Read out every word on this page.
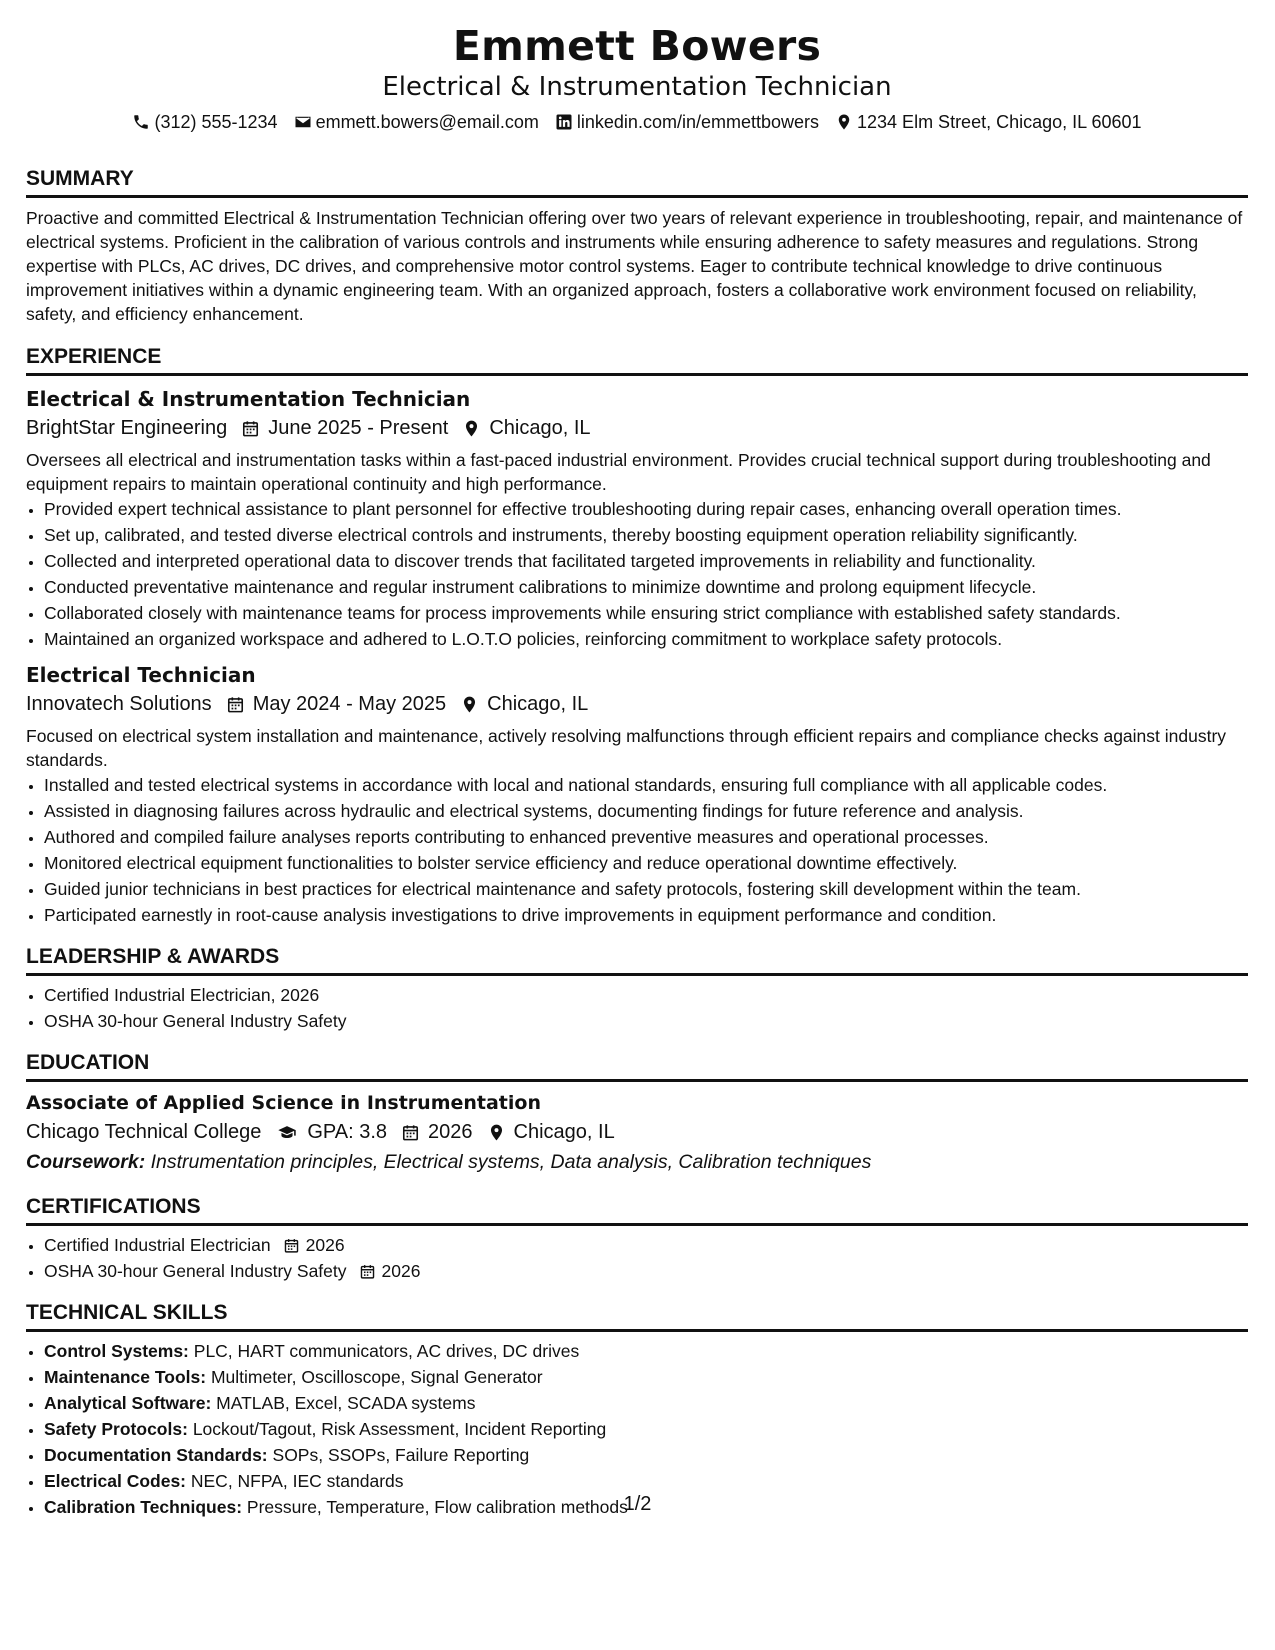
Emmett Bowers
Electrical & Instrumentation Technician
(312) 555-1234 emmett.bowers@email.com linkedin.com/in/emmettbowers 1234 Elm Street, Chicago, IL 60601
SUMMARY
Proactive and committed Electrical & Instrumentation Technician offering over two years of relevant experience in troubleshooting, repair, and maintenance of electrical systems. Proficient in the calibration of various controls and instruments while ensuring adherence to safety measures and regulations. Strong expertise with PLCs, AC drives, DC drives, and comprehensive motor control systems. Eager to contribute technical knowledge to drive continuous improvement initiatives within a dynamic engineering team. With an organized approach, fosters a collaborative work environment focused on reliability, safety, and efficiency enhancement.
EXPERIENCE
Electrical & Instrumentation Technician
BrightStar Engineering June 2025 - Present Chicago, IL
Oversees all electrical and instrumentation tasks within a fast-paced industrial environment. Provides crucial technical support during troubleshooting and equipment repairs to maintain operational continuity and high performance.
• Provided expert technical assistance to plant personnel for effective troubleshooting during repair cases, enhancing overall operation times.
• Set up, calibrated, and tested diverse electrical controls and instruments, thereby boosting equipment operation reliability significantly.
• Collected and interpreted operational data to discover trends that facilitated targeted improvements in reliability and functionality.
• Conducted preventative maintenance and regular instrument calibrations to minimize downtime and prolong equipment lifecycle.
• Collaborated closely with maintenance teams for process improvements while ensuring strict compliance with established safety standards.
• Maintained an organized workspace and adhered to L.O.T.O policies, reinforcing commitment to workplace safety protocols.
Electrical Technician
Innovatech Solutions May 2024 - May 2025 Chicago, IL
Focused on electrical system installation and maintenance, actively resolving malfunctions through efficient repairs and compliance checks against industry standards.
• Installed and tested electrical systems in accordance with local and national standards, ensuring full compliance with all applicable codes.
• Assisted in diagnosing failures across hydraulic and electrical systems, documenting findings for future reference and analysis.
• Authored and compiled failure analyses reports contributing to enhanced preventive measures and operational processes.
• Monitored electrical equipment functionalities to bolster service efficiency and reduce operational downtime effectively.
• Guided junior technicians in best practices for electrical maintenance and safety protocols, fostering skill development within the team.
• Participated earnestly in root-cause analysis investigations to drive improvements in equipment performance and condition.
LEADERSHIP & AWARDS
• Certified Industrial Electrician, 2026
• OSHA 30-hour General Industry Safety
EDUCATION
Associate of Applied Science in Instrumentation
Chicago Technical College GPA: 3.8 2026 Chicago, IL
Coursework: Instrumentation principles, Electrical systems, Data analysis, Calibration techniques
CERTIFICATIONS
• Certified Industrial Electrician 2026
• OSHA 30-hour General Industry Safety 2026
TECHNICAL SKILLS
• Control Systems: PLC, HART communicators, AC drives, DC drives
• Maintenance Tools: Multimeter, Oscilloscope, Signal Generator
• Analytical Software: MATLAB, Excel, SCADA systems
• Safety Protocols: Lockout/Tagout, Risk Assessment, Incident Reporting
• Documentation Standards: SOPs, SSOPs, Failure Reporting
• Electrical Codes: NEC, NFPA, IEC standards
• Calibration Techniques: Pressure, Temperature, Flow calibration methods
1/2
